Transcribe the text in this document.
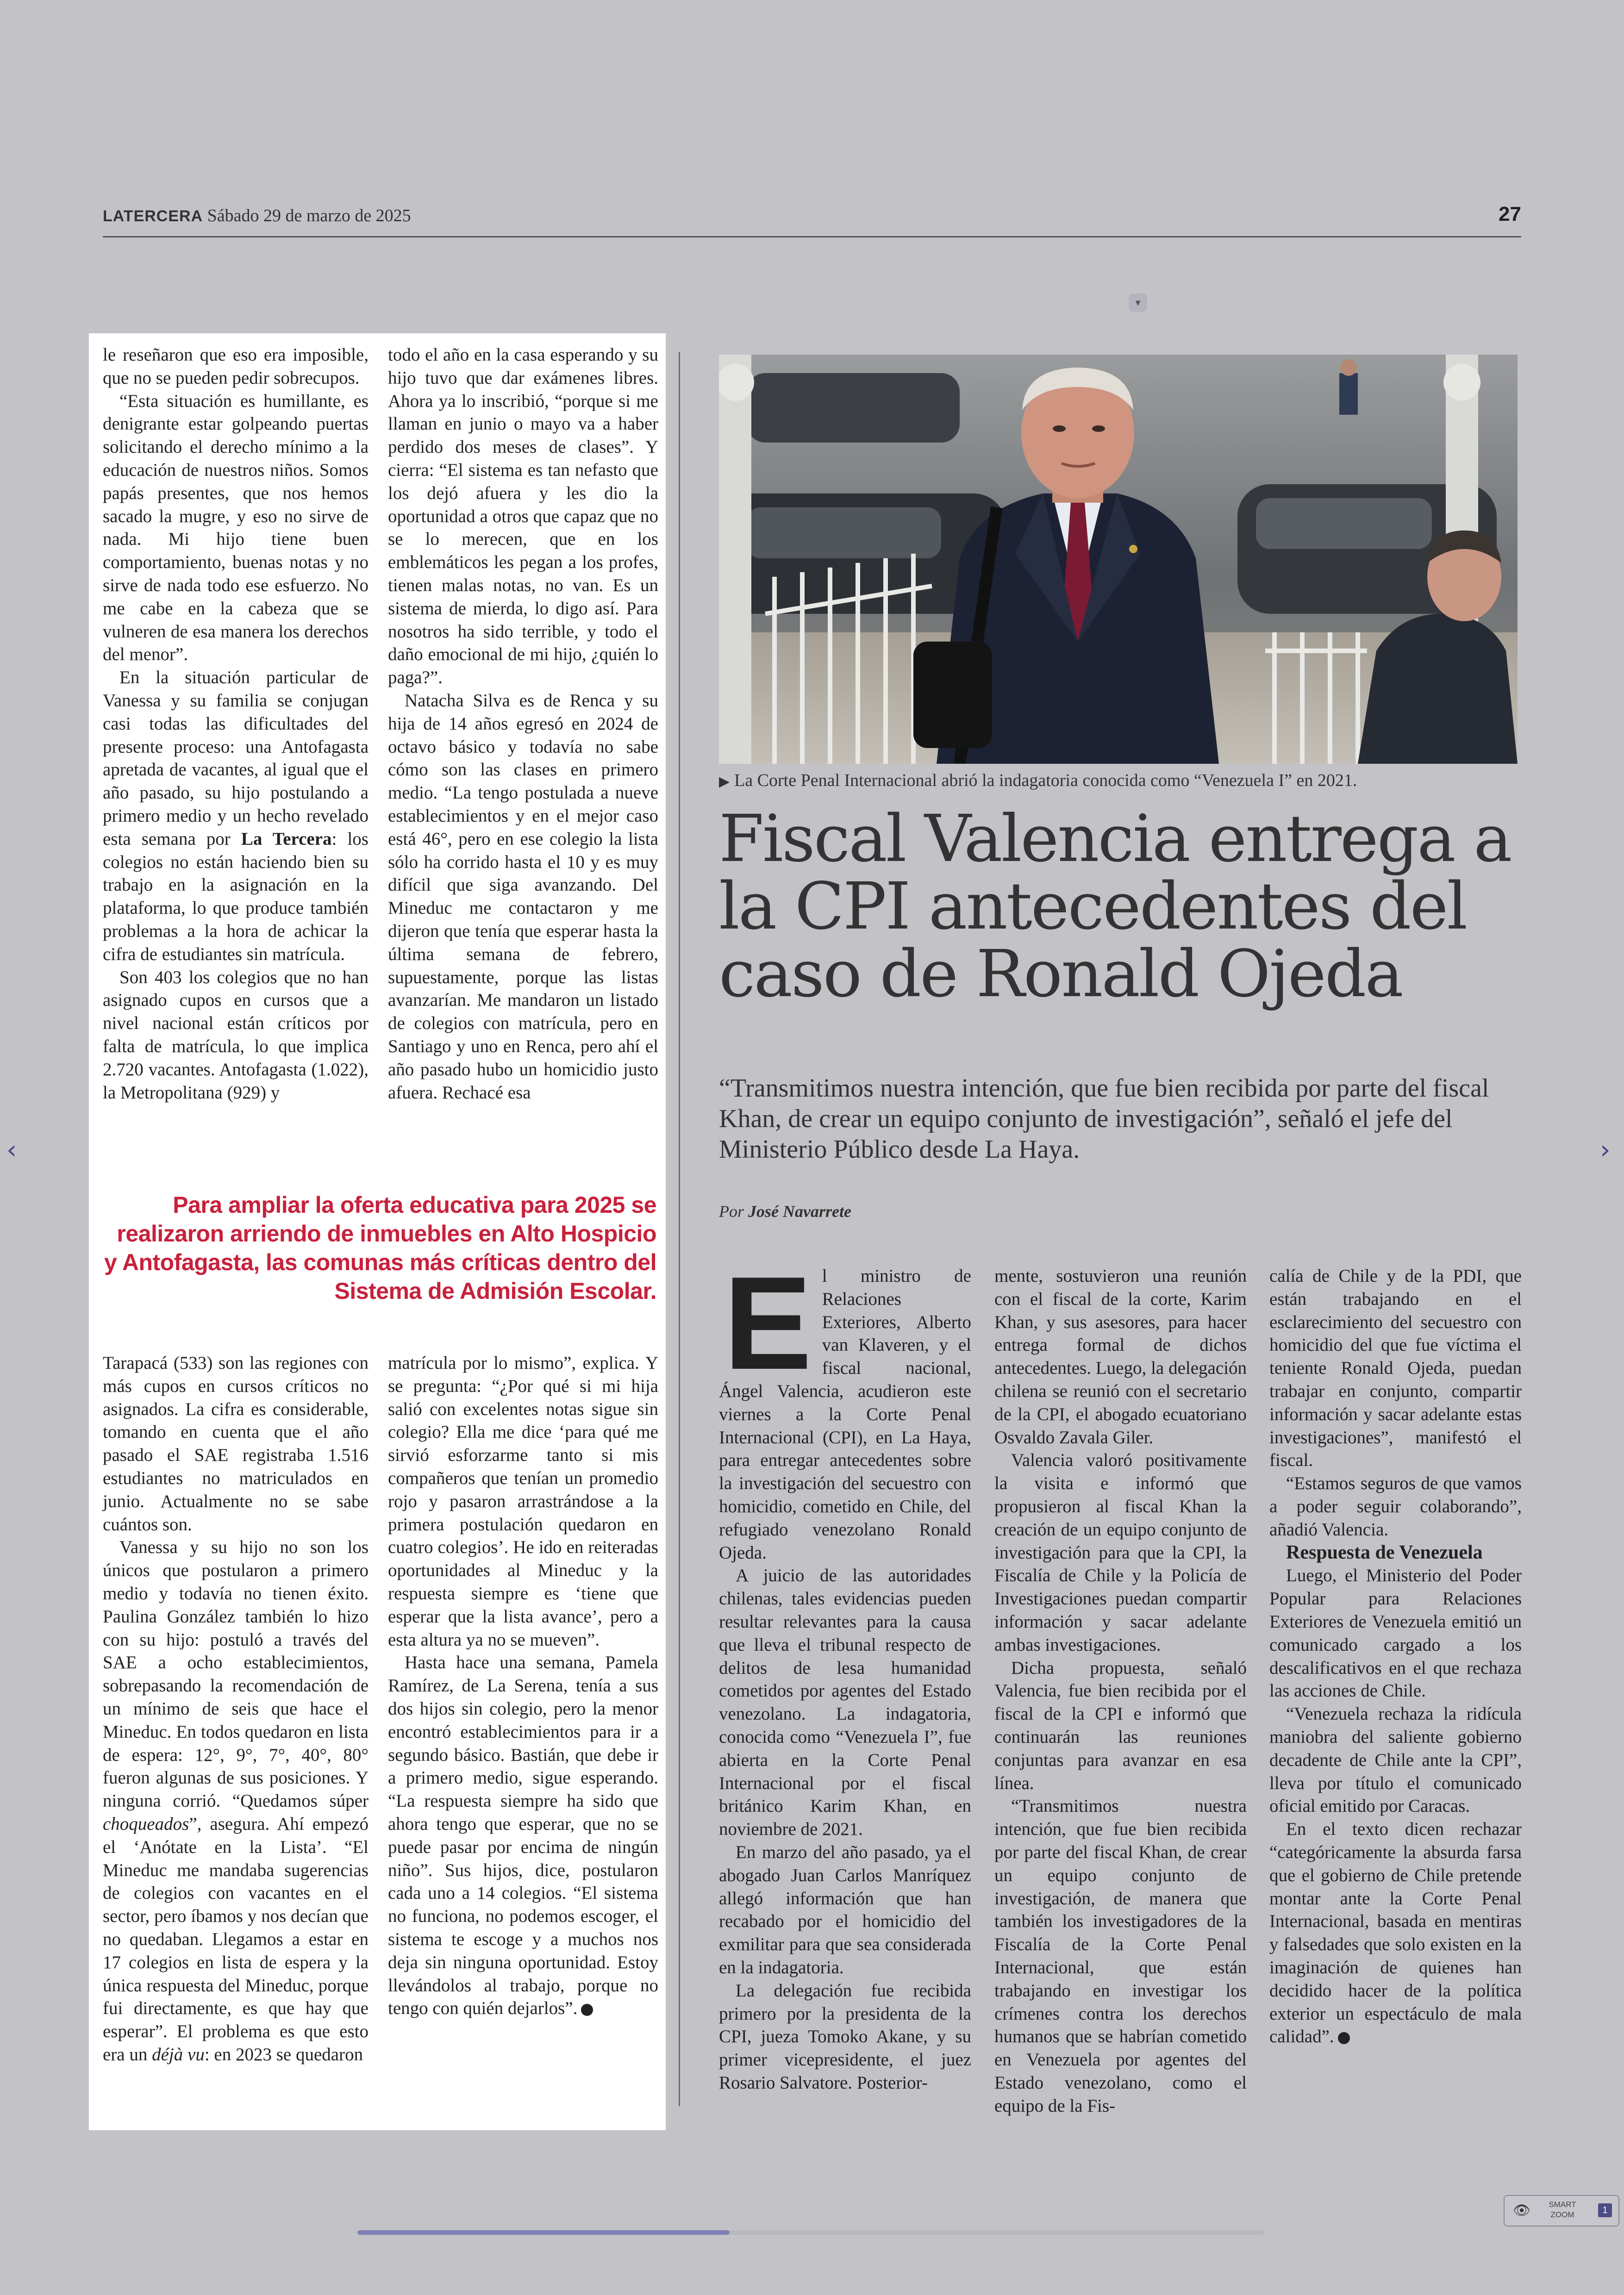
LATERCERA Sábado 29 de marzo de 2025	27
▾

le reseñaron que eso era imposible, que no se pueden pedir sobrecupos.

“Esta situación es humillante, es denigrante estar golpeando puertas solicitando el derecho mínimo a la educación de nuestros niños. Somos papás presentes, que nos hemos sacado la mugre, y eso no sirve de nada. Mi hijo tiene buen comportamiento, buenas notas y no sirve de nada todo ese esfuerzo. No me cabe en la cabeza que se vulneren de esa manera los derechos del menor”.

En la situación particular de Vanessa y su familia se conjugan casi todas las dificultades del presente proceso: una Antofagasta apretada de vacantes, al igual que el año pasado, su hijo postulando a primero medio y un hecho revelado esta semana por La Tercera: los colegios no están haciendo bien su trabajo en la asignación en la plataforma, lo que produce también problemas a la hora de achicar la cifra de estudiantes sin matrícula.

Son 403 los colegios que no han asignado cupos en cursos que a nivel nacional están críticos por falta de matrícula, lo que implica 2.720 vacantes. Antofagasta (1.022), la Metropolitana (929) y

todo el año en la casa esperando y su hijo tuvo que dar exámenes libres. Ahora ya lo inscribió, “porque si me llaman en junio o mayo va a haber perdido dos meses de clases”. Y cierra: “El sistema es tan nefasto que los dejó afuera y les dio la oportunidad a otros que capaz que no se lo merecen, que en los emblemáticos les pegan a los profes, tienen malas notas, no van. Es un sistema de mierda, lo digo así. Para nosotros ha sido terrible, y todo el daño emocional de mi hijo, ¿quién lo paga?”.

Natacha Silva es de Renca y su hija de 14 años egresó en 2024 de octavo básico y todavía no sabe cómo son las clases en primero medio. “La tengo postulada a nueve establecimientos y en el mejor caso está 46°, pero en ese colegio la lista sólo ha corrido hasta el 10 y es muy difícil que siga avanzando. Del Mineduc me contactaron y me dijeron que tenía que esperar hasta la última semana de febrero, supuestamente, porque las listas avanzarían. Me mandaron un listado de colegios con matrícula, pero en Santiago y uno en Renca, pero ahí el año pasado hubo un homicidio justo afuera. Rechacé esa

Para ampliar la oferta educativa para 2025 se realizaron arriendo de inmuebles en Alto Hospicio y Antofagasta, las comunas más críticas dentro del Sistema de Admisión Escolar.

Tarapacá (533) son las regiones con más cupos en cursos críticos no asignados. La cifra es considerable, tomando en cuenta que el año pasado el SAE registraba 1.516 estudiantes no matriculados en junio. Actualmente no se sabe cuántos son.

Vanessa y su hijo no son los únicos que postularon a primero medio y todavía no tienen éxito. Paulina González también lo hizo con su hijo: postuló a través del SAE a ocho establecimientos, sobrepasando la recomendación de un mínimo de seis que hace el Mineduc. En todos quedaron en lista de espera: 12°, 9°, 7°, 40°, 80° fueron algunas de sus posiciones. Y ninguna corrió. “Quedamos súper choqueados”, asegura. Ahí empezó el ‘Anótate en la Lista’. “El Mineduc me mandaba sugerencias de colegios con vacantes en el sector, pero íbamos y nos decían que no quedaban. Llegamos a estar en 17 colegios en lista de espera y la única respuesta del Mineduc, porque fui directamente, es que hay que esperar”. El problema es que esto era un déjà vu: en 2023 se quedaron

matrícula por lo mismo”, explica. Y se pregunta: “¿Por qué si mi hija salió con excelentes notas sigue sin colegio? Ella me dice ‘para qué me sirvió esforzarme tanto si mis compañeros que tenían un promedio rojo y pasaron arrastrándose a la primera postulación quedaron en cuatro colegios’. He ido en reiteradas oportunidades al Mineduc y la respuesta siempre es ‘tiene que esperar que la lista avance’, pero a esta altura ya no se mueven”.

Hasta hace una semana, Pamela Ramírez, de La Serena, tenía a sus dos hijos sin colegio, pero la menor encontró establecimientos para ir a segundo básico. Bastián, que debe ir a primero medio, sigue esperando. “La respuesta siempre ha sido que ahora tengo que esperar, que no se puede pasar por encima de ningún niño”. Sus hijos, dice, postularon cada uno a 14 colegios. “El sistema no funciona, no podemos escoger, el sistema te escoge y a muchos nos deja sin ninguna oportunidad. Estoy llevándolos al trabajo, porque no tengo con quién dejarlos”.

▶ La Corte Penal Internacional abrió la indagatoria conocida como “Venezuela I” en 2021.
Fiscal Valencia entrega a la CPI antecedentes del caso de Ronald Ojeda
“Transmitimos nuestra intención, que fue bien recibida por parte del fiscal Khan, de crear un equipo conjunto de investigación”, señaló el jefe del Ministerio Público desde La Haya.
Por José Navarrete

El ministro de Relaciones Exteriores, Alberto van Klaveren, y el fiscal nacional, Ángel Valencia, acudieron este viernes a la Corte Penal Internacional (CPI), en La Haya, para entregar antecedentes sobre la investigación del secuestro con homicidio, cometido en Chile, del refugiado venezolano Ronald Ojeda.

A juicio de las autoridades chilenas, tales evidencias pueden resultar relevantes para la causa que lleva el tribunal respecto de delitos de lesa humanidad cometidos por agentes del Estado venezolano. La indagatoria, conocida como “Venezuela I”, fue abierta en la Corte Penal Internacional por el fiscal británico Karim Khan, en noviembre de 2021.

En marzo del año pasado, ya el abogado Juan Carlos Manríquez allegó información que han recabado por el homicidio del exmilitar para que sea considerada en la indagatoria.

La delegación fue recibida primero por la presidenta de la CPI, jueza Tomoko Akane, y su primer vicepresidente, el juez Rosario Salvatore. Posterior-

mente, sostuvieron una reunión con el fiscal de la corte, Karim Khan, y sus asesores, para hacer entrega formal de dichos antecedentes. Luego, la delegación chilena se reunió con el secretario de la CPI, el abogado ecuatoriano Osvaldo Zavala Giler.

Valencia valoró positivamente la visita e informó que propusieron al fiscal Khan la creación de un equipo conjunto de investigación para que la CPI, la Fiscalía de Chile y la Policía de Investigaciones puedan compartir información y sacar adelante ambas investigaciones.

Dicha propuesta, señaló Valencia, fue bien recibida por el fiscal de la CPI e informó que continuarán las reuniones conjuntas para avanzar en esa línea.

“Transmitimos nuestra intención, que fue bien recibida por parte del fiscal Khan, de crear un equipo conjunto de investigación, de manera que también los investigadores de la Fiscalía de la Corte Penal Internacional, que están trabajando en investigar los crímenes contra los derechos humanos que se habrían cometido en Venezuela por agentes del Estado venezolano, como el equipo de la Fis-

calía de Chile y de la PDI, que están trabajando en el esclarecimiento del secuestro con homicidio del que fue víctima el teniente Ronald Ojeda, puedan trabajar en conjunto, compartir información y sacar adelante estas investigaciones”, manifestó el fiscal.

“Estamos seguros de que vamos a poder seguir colaborando”, añadió Valencia.

Respuesta de Venezuela

Luego, el Ministerio del Poder Popular para Relaciones Exteriores de Venezuela emitió un comunicado cargado a los descalificativos en el que rechaza las acciones de Chile.

“Venezuela rechaza la ridícula maniobra del saliente gobierno decadente de Chile ante la CPI”, lleva por título el comunicado oficial emitido por Caracas.

En el texto dicen rechazar “categóricamente la absurda farsa que el gobierno de Chile pretende montar ante la Corte Penal Internacional, basada en mentiras y falsedades que solo existen en la imaginación de quienes han decidido hacer de la política exterior un espectáculo de mala calidad”.

‹	›
👁	SMART ZOOM	1
